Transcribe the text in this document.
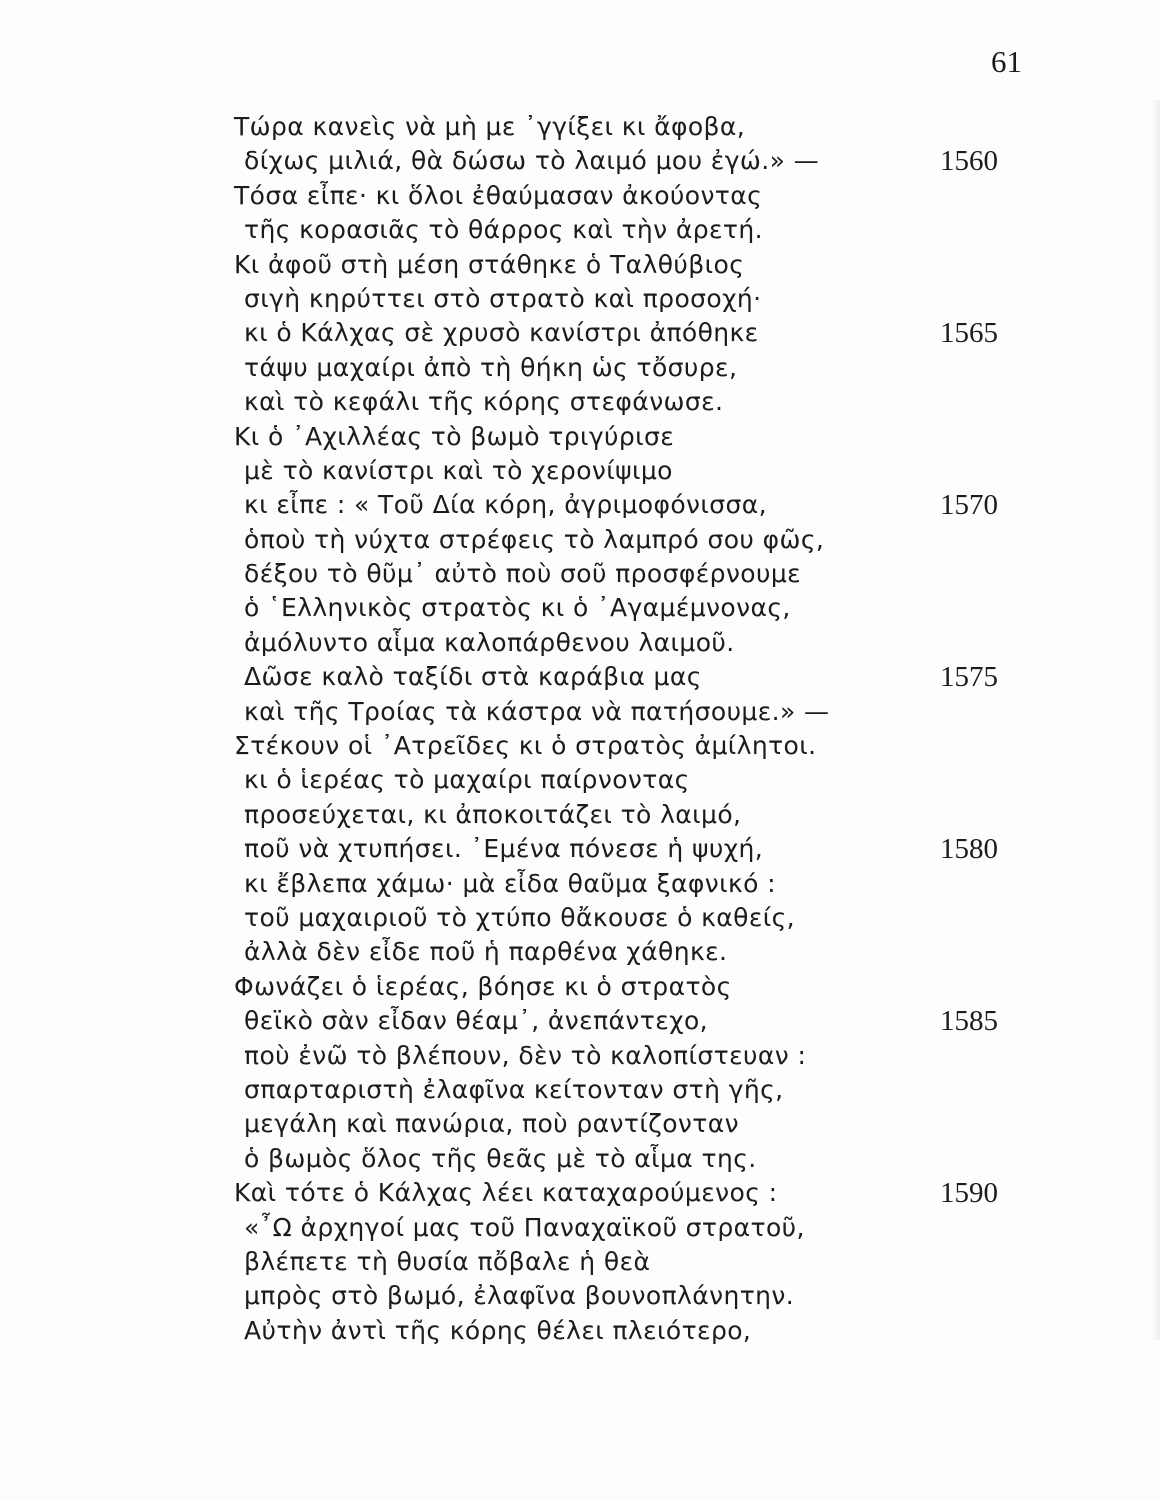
61
Τώρα κανεὶς νὰ μὴ με ᾿γγίξει κι ἄφοβα,
δίχως μιλιά, θὰ δώσω τὸ λαιμό μου ἐγώ.» —	1560
Τόσα εἶπε· κι ὅλοι ἐθαύμασαν ἀκούοντας
τῆς κορασιᾶς τὸ θάρρος καὶ τὴν ἀρετή.
Κι ἀφοῦ στὴ μέση στάθηκε ὁ Ταλθύβιος
σιγὴ κηρύττει στὸ στρατὸ καὶ προσοχή·
κι ὁ Κάλχας σὲ χρυσὸ κανίστρι ἀπόθηκε	1565
τάψυ μαχαίρι ἀπὸ τὴ θήκη ὡς τὄσυρε,
καὶ τὸ κεφάλι τῆς κόρης στεφάνωσε.
Κι ὁ ᾿Αχιλλέας τὸ βωμὸ τριγύρισε
μὲ τὸ κανίστρι καὶ τὸ χερονίψιμο
κι εἶπε : « Τοῦ Δία κόρη, ἀγριμοφόνισσα,	1570
ὁποὺ τὴ νύχτα στρέφεις τὸ λαμπρό σου φῶς,
δέξου τὸ θῦμ᾿ αὐτὸ ποὺ σοῦ προσφέρνουμε
ὁ ῾Ελληνικὸς στρατὸς κι ὁ ᾿Αγαμέμνονας,
ἀμόλυντο αἷμα καλοπάρθενου λαιμοῦ.
Δῶσε καλὸ ταξίδι στὰ καράβια μας	1575
καὶ τῆς Τροίας τὰ κάστρα νὰ πατήσουμε.» —
Στέκουν οἱ ᾿Ατρεῖδες κι ὁ στρατὸς ἀμίλητοι.
κι ὁ ἱερέας τὸ μαχαίρι παίρνοντας
προσεύχεται, κι ἀποκοιτάζει τὸ λαιμό,
ποῦ νὰ χτυπήσει. ᾿Εμένα πόνεσε ἡ ψυχή,	1580
κι ἔβλεπα χάμω· μὰ εἶδα θαῦμα ξαφνικό :
τοῦ μαχαιριοῦ τὸ χτύπο θἄκουσε ὁ καθείς,
ἀλλὰ δὲν εἶδε ποῦ ἡ παρθένα χάθηκε.
Φωνάζει ὁ ἱερέας, βόησε κι ὁ στρατὸς
θεϊκὸ σὰν εἶδαν θέαμ᾿, ἀνεπάντεχο,	1585
ποὺ ἐνῶ τὸ βλέπουν, δὲν τὸ καλοπίστευαν :
σπαρταριστὴ ἐλαφῖνα κείτονταν στὴ γῆς,
μεγάλη καὶ πανώρια, ποὺ ραντίζονταν
ὁ βωμὸς ὅλος τῆς θεᾶς μὲ τὸ αἷμα της.
Καὶ τότε ὁ Κάλχας λέει καταχαρούμενος :	1590
«῏Ω ἀρχηγοί μας τοῦ Παναχαϊκοῦ στρατοῦ,
βλέπετε τὴ θυσία πὄβαλε ἡ θεὰ
μπρὸς στὸ βωμό, ἐλαφῖνα βουνοπλάνητην.
Αὐτὴν ἀντὶ τῆς κόρης θέλει πλειότερο,
